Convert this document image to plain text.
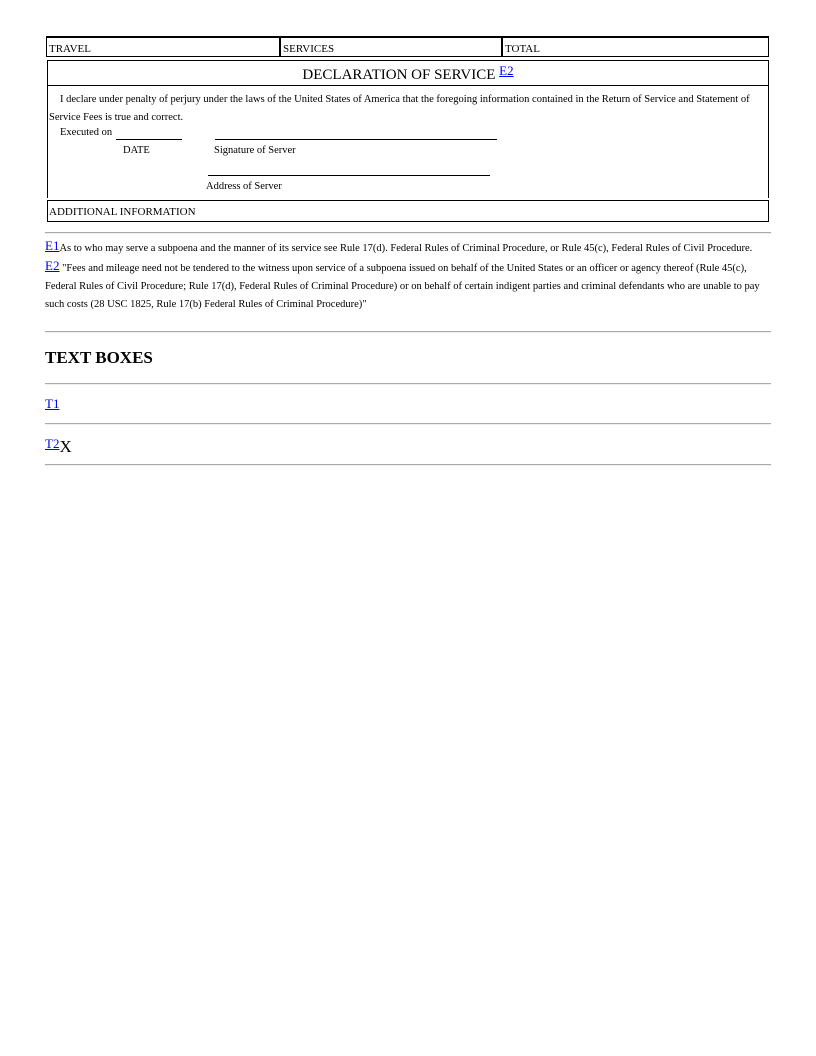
TRAVEL	SERVICES	TOTAL
DECLARATION OF SERVICE E2
I declare under penalty of perjury under the laws of the United States of America that the foregoing information contained in the Return of Service and Statement of Service Fees is true and correct.
Executed on
DATE	Signature of Server
Address of Server
ADDITIONAL INFORMATION
E1As to who may serve a subpoena and the manner of its service see Rule 17(d). Federal Rules of Criminal Procedure, or Rule 45(c), Federal Rules of Civil Procedure.
E2 "Fees and mileage need not be tendered to the witness upon service of a subpoena issued on behalf of the United States or an officer or agency thereof (Rule 45(c), Federal Rules of Civil Procedure; Rule 17(d), Federal Rules of Criminal Procedure) or on behalf of certain indigent parties and criminal defendants who are unable to pay such costs (28 USC 1825, Rule 17(b) Federal Rules of Criminal Procedure)"
TEXT BOXES
T1
T2X
